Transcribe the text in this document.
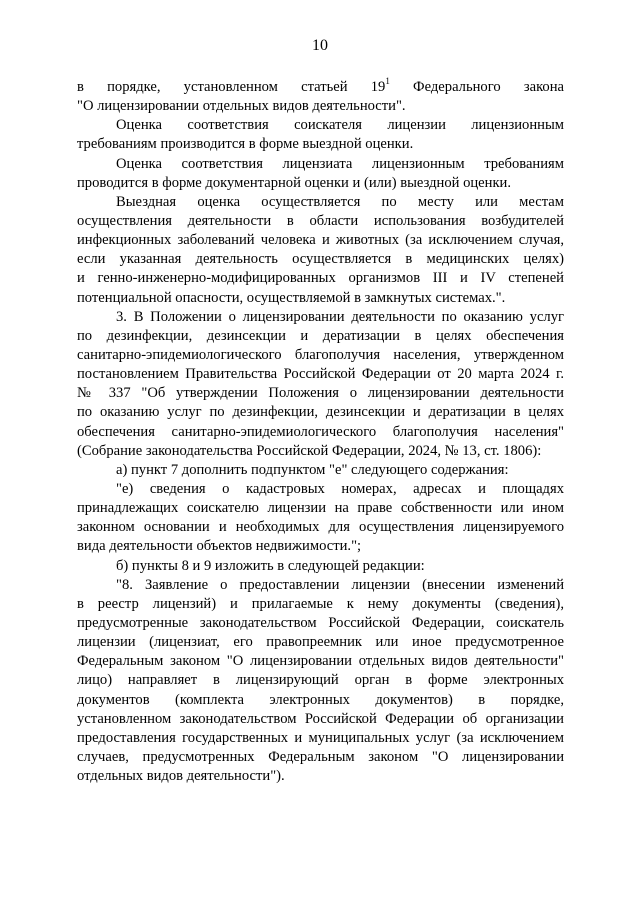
10
в порядке, установленном статьей $19^1$ Федерального закона
"О лицензировании отдельных видов деятельности".
Оценка соответствия соискателя лицензии лицензионным
требованиям производится в форме выездной оценки.
Оценка соответствия лицензиата лицензионным требованиям
проводится в форме документарной оценки и (или) выездной оценки.
Выездная оценка осуществляется по месту или местам
осуществления деятельности в области использования возбудителей
инфекционных заболеваний человека и животных (за исключением случая,
если указанная деятельность осуществляется в медицинских целях)
и генно-инженерно-модифицированных организмов III и IV степеней
потенциальной опасности, осуществляемой в замкнутых системах.".
3. В Положении о лицензировании деятельности по оказанию услуг
по дезинфекции, дезинсекции и дератизации в целях обеспечения
санитарно-эпидемиологического благополучия населения, утвержденном
постановлением Правительства Российской Федерации от 20 марта 2024 г.
№ 337 "Об утверждении Положения о лицензировании деятельности
по оказанию услуг по дезинфекции, дезинсекции и дератизации в целях
обеспечения санитарно-эпидемиологического благополучия населения"
(Собрание законодательства Российской Федерации, 2024, № 13, ст. 1806):
а) пункт 7 дополнить подпунктом "е" следующего содержания:
"е) сведения о кадастровых номерах, адресах и площадях
принадлежащих соискателю лицензии на праве собственности или ином
законном основании и необходимых для осуществления лицензируемого
вида деятельности объектов недвижимости.";
б) пункты 8 и 9 изложить в следующей редакции:
"8. Заявление о предоставлении лицензии (внесении изменений
в реестр лицензий) и прилагаемые к нему документы (сведения),
предусмотренные законодательством Российской Федерации, соискатель
лицензии (лицензиат, его правопреемник или иное предусмотренное
Федеральным законом "О лицензировании отдельных видов деятельности"
лицо) направляет в лицензирующий орган в форме электронных
документов (комплекта электронных документов) в порядке,
установленном законодательством Российской Федерации об организации
предоставления государственных и муниципальных услуг (за исключением
случаев, предусмотренных Федеральным законом "О лицензировании
отдельных видов деятельности").
